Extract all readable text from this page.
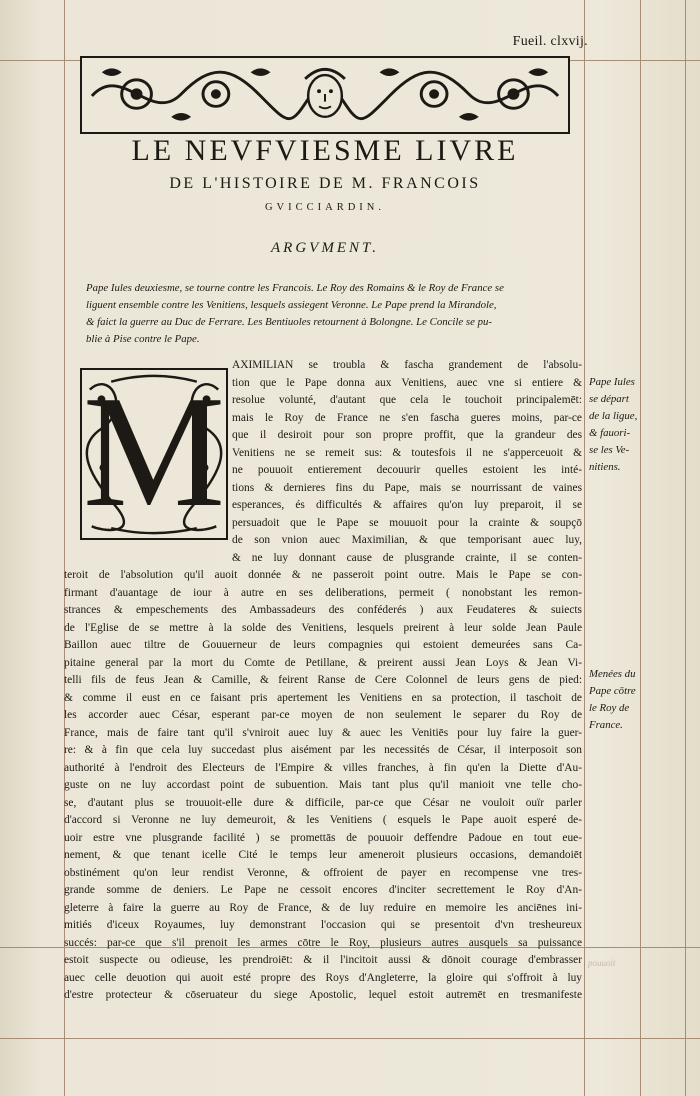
Fueil. clxvij.
LE NEVFVIESME LIVRE
DE L'HISTOIRE DE M. FRANCOIS
GVICCIARDIN.
ARGVMENT.
Pape Iules deuxiesme, se tourne contre les Francois. Le Roy des Romains & le Roy de France se
liguent ensemble contre les Venitiens, lesquels assiegent Veronne. Le Pape prend la Mirandole,
& faict la guerre au Duc de Ferrare. Les Bentiuoles retournent à Bolongne. Le Concile se pu-
blie à Pise contre le Pape.
M AXIMILIAN se troubla & fascha grandement de l'absolu-
tion que le Pape donna aux Venitiens, auec vne si entiere &
resolue volunté, d'autant que cela le touchoit principalemēt:
mais le Roy de France ne s'en fascha gueres moins, par-ce
que il desiroit pour son propre proffit, que la grandeur des
Venitiens ne se remeit sus: & toutesfois il ne s'apperceuoit &
ne pouuoit entierement decouurir quelles estoient les inté-
tions & dernieres fins du Pape, mais se nourrissant de vaines
esperances, és difficultés & affaires qu'on luy preparoit, il se
persuadoit que le Pape se mouuoit pour la crainte & soupçō
de son vnion auec Maximilian, & que temporisant auec luy,
& ne luy donnant cause de plusgrande crainte, il se conten-
teroit de l'absolution qu'il auoit donnée & ne passeroit point outre. Mais le Pape se con-
firmant d'auantage de iour à autre en ses deliberations, permeit ( nonobstant les remon-
strances & empeschements des Ambassadeurs des conféderés ) aux Feudateres & suiects
de l'Eglise de se mettre à la solde des Venitiens, lesquels preirent à leur solde Jean Paule
Baillon auec tiltre de Gouuerneur de leurs compagnies qui estoient demeurées sans Ca-
pitaine general par la mort du Comte de Petillane, & preirent aussi Jean Loys & Jean Vi-
telli fils de feus Jean & Camille, & feirent Ranse de Cere Colonnel de leurs gens de pied:
& comme il eust en ce faisant pris apertement les Venitiens en sa protection, il taschoit de
les accorder auec César, esperant par-ce moyen de non seulement le separer du Roy de
France, mais de faire tant qu'il s'vniroit auec luy & auec les Venitiēs pour luy faire la guer-
re: & à fin que cela luy succedast plus aisément par les necessités de César, il interposoit son
authorité à l'endroit des Electeurs de l'Empire & villes franches, à fin qu'en la Diette d'Au-
guste on ne luy accordast point de subuention. Mais tant plus qu'il manioit vne telle cho-
se, d'autant plus se trouuoit-elle dure & difficile, par-ce que César ne vouloit ouïr parler
d'accord si Veronne ne luy demeuroit, & les Venitiens ( esquels le Pape auoit esperé de-
uoir estre vne plusgrande facilité ) se promettās de pouuoir deffendre Padoue en tout eue-
nement, & que tenant icelle Cité le temps leur ameneroit plusieurs occasions, demandoiēt
obstinément qu'on leur rendist Veronne, & offroient de payer en recompense vne tres-
grande somme de deniers. Le Pape ne cessoit encores d'inciter secrettement le Roy d'An-
gleterre à faire la guerre au Roy de France, & de luy reduire en memoire les anciēnes ini-
mitiés d'iceux Royaumes, luy demonstrant l'occasion qui se presentoit d'vn tresheureux
succés: par-ce que s'il prenoit les armes cōtre le Roy, plusieurs autres ausquels sa puissance
estoit suspecte ou odieuse, les prendroiēt: & il l'incitoit aussi & dōnoit courage d'embrasser
auec celle deuotion qui auoit esté propre des Roys d'Angleterre, la gloire qui s'offroit à luy
d'estre protecteur & cōseruateur du siege Apostolic, lequel estoit autremēt en tresmanifeste
Pape Iules
se départ
de la ligue,
& fauori-
se les Ve-
nitiens.
Menées du
Pape cōtre
le Roy de
France.
pouuoit
